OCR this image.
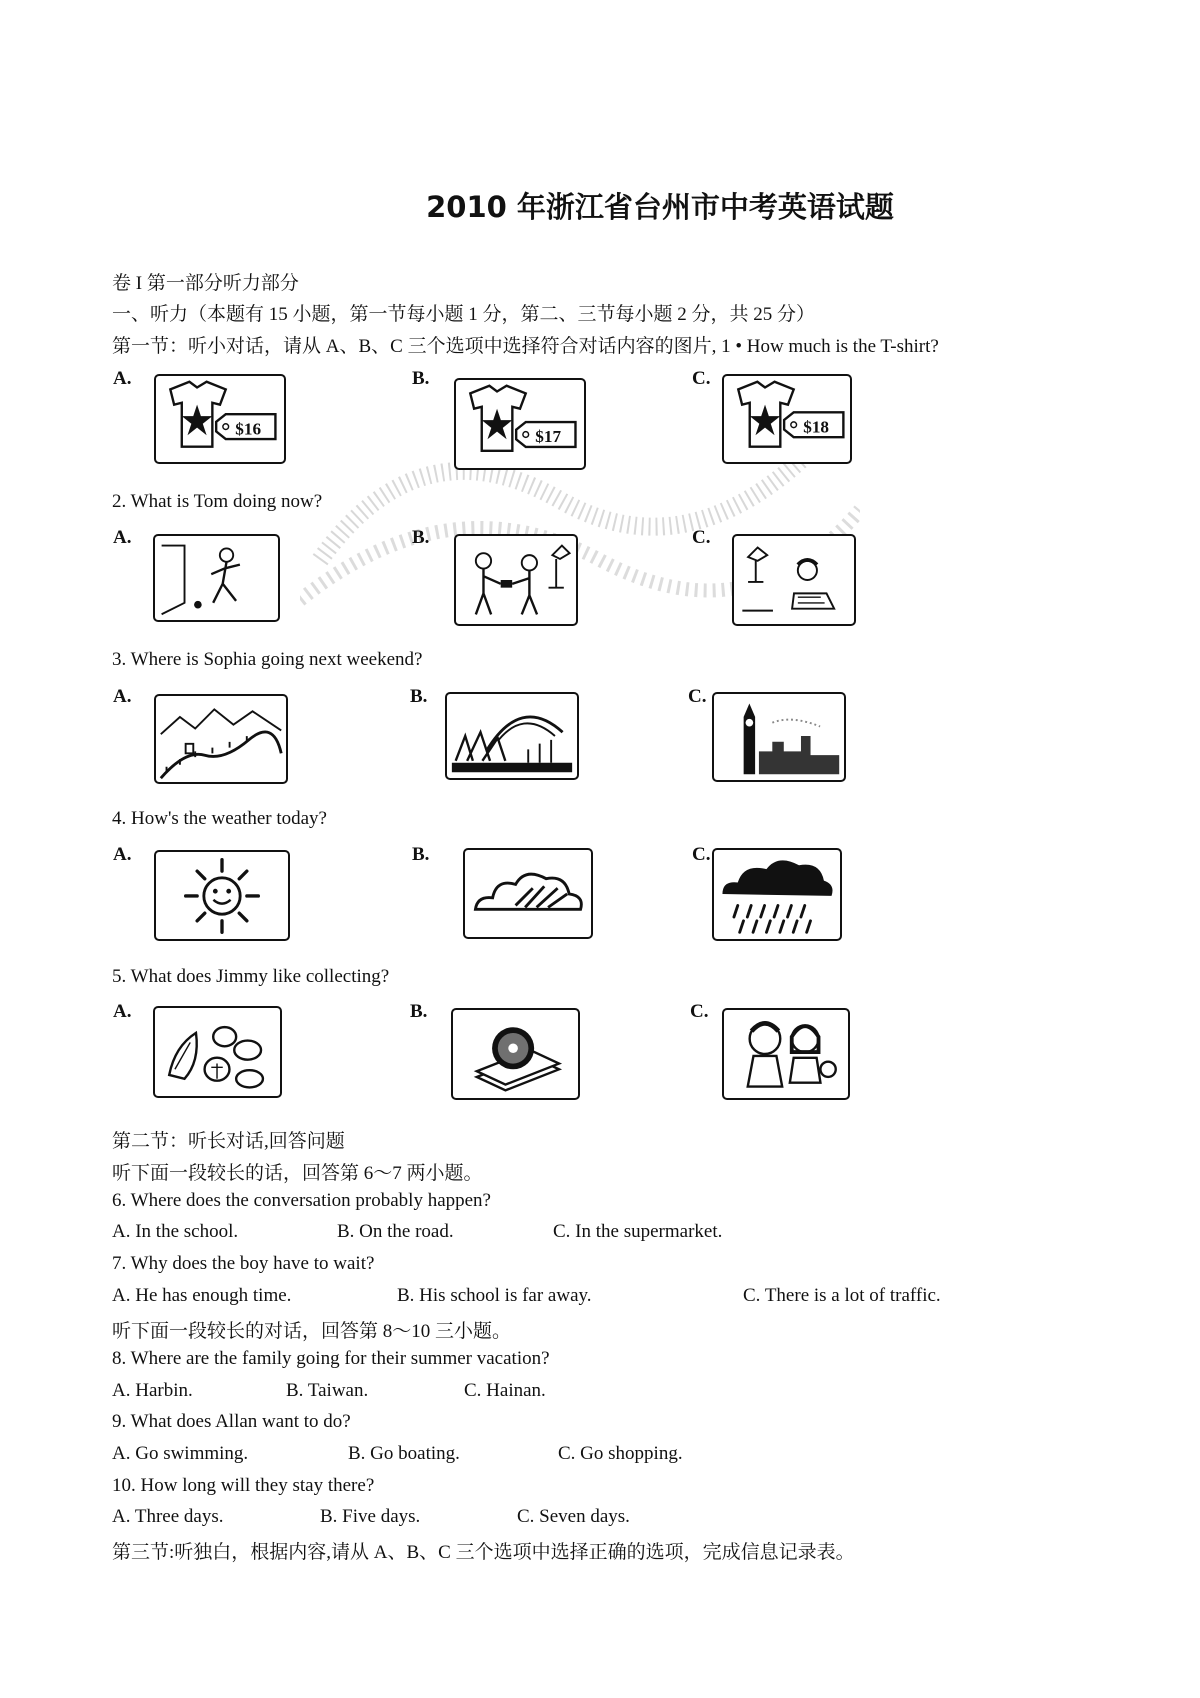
2010 年浙江省台州市中考英语试题
卷 I 第一部分听力部分
一、听力（本题有 15 小题，第一节每小题 1 分，第二、三节每小题 2 分，共 25 分）
第一节：听小对话，请从 A、B、C 三个选项中选择符合对话内容的图片, 1 • How much is the T-shirt?
A.	B.	C.
$16	$17
$18
2. What is Tom doing now?
A.	B.	C.
3. Where is Sophia going next weekend?
A.	B.	C.
4. How's the weather today?
A.	B.	C.
5. What does Jimmy like collecting?
A.	B.	C.
第二节：听长对话,回答问题
听下面一段较长的话，回答第 6～7 两小题。
6. Where does the conversation probably happen?
A. In the school.	B. On the road.	C. In the supermarket.
7. Why does the boy have to wait?
A. He has enough time.	B. His school is far away.	C. There is a lot of traffic.
听下面一段较长的对话，回答第 8～10 三小题。
8. Where are the family going for their summer vacation?
A. Harbin.	B. Taiwan.	C. Hainan.
9. What does Allan want to do?
A. Go swimming.	B. Go boating.	C. Go shopping.
10. How long will they stay there?
A. Three days.	B. Five days.	C. Seven days.
第三节:听独白，根据内容,请从 A、B、C 三个选项中选择正确的选项，完成信息记录表。
